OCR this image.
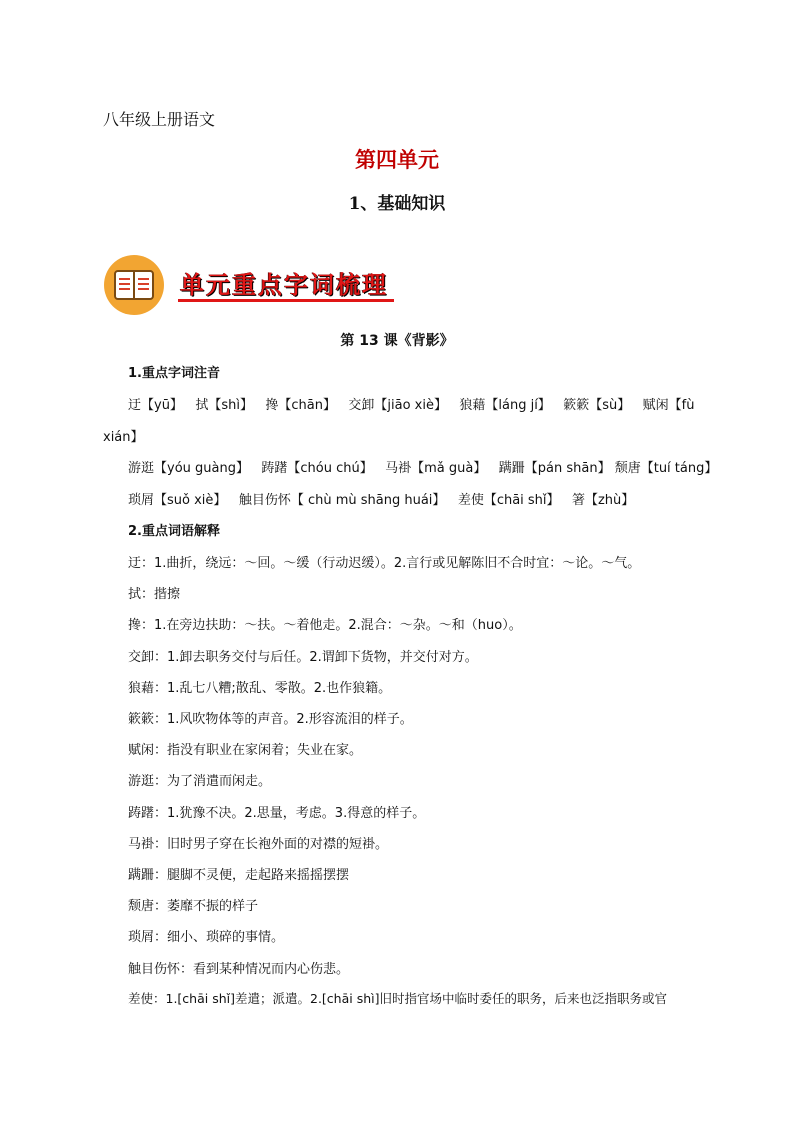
八年级上册语文
第四单元
1、基础知识
单元重点字词梳理
第 13 课《背影》
1.重点字词注音
迂【yū】 拭【shì】 搀【chān】 交卸【jiāo xiè】 狼藉【láng jí】 簌簌【sù】 赋闲【fù
xián】
游逛【yóu guàng】 踌躇【chóu chú】 马褂【mǎ guà】 蹒跚【pán shān】 颓唐【tuí táng】
琐屑【suǒ xiè】 触目伤怀【 chù mù shāng huái】 差使【chāi shǐ】 箸【zhù】
2.重点词语解释
迂：1.曲折，绕远：～回。～缓（行动迟缓）。2.言行或见解陈旧不合时宜：～论。～气。
拭：揩擦
搀：1.在旁边扶助：～扶。～着他走。2.混合：～杂。～和（huo）。
交卸：1.卸去职务交付与后任。2.谓卸下货物，并交付对方。
狼藉：1.乱七八糟;散乱、零散。2.也作狼籍。
簌簌：1.风吹物体等的声音。2.形容流泪的样子。
赋闲：指没有职业在家闲着；失业在家。
游逛：为了消遣而闲走。
踌躇：1.犹豫不决。2.思量，考虑。3.得意的样子。
马褂：旧时男子穿在长袍外面的对襟的短褂。
蹒跚：腿脚不灵便，走起路来摇摇摆摆
颓唐：萎靡不振的样子
琐屑：细小、琐碎的事情。
触目伤怀：看到某种情况而内心伤悲。
差使：1.[chāi shǐ]差遣；派遣。2.[chāi shì]旧时指官场中临时委任的职务，后来也泛指职务或官
